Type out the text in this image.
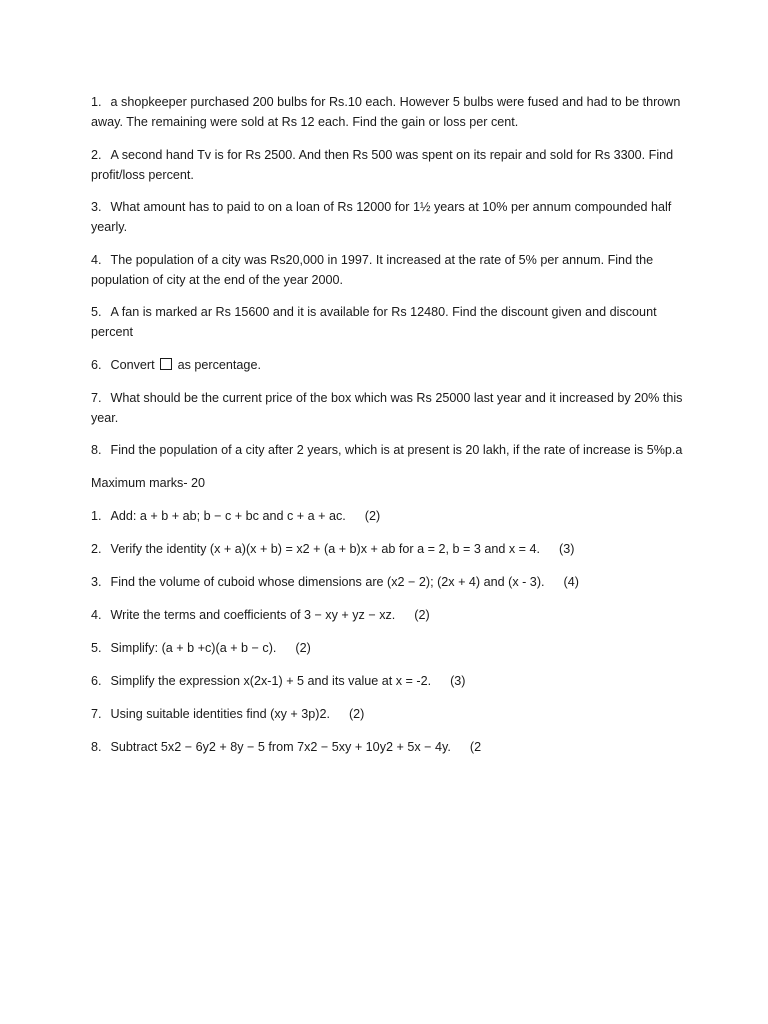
1. a shopkeeper purchased 200 bulbs for Rs.10 each. However 5 bulbs were fused and had to be thrown away. The remaining were sold at Rs 12 each. Find the gain or loss per cent.

2. A second hand Tv is for Rs 2500. And then Rs 500 was spent on its repair and sold for Rs 3300. Find profit/loss percent.

3. What amount has to paid to on a loan of Rs 12000 for 1½ years at 10% per annum compounded half yearly.

4. The population of a city was Rs20,000 in 1997. It increased at the rate of 5% per annum. Find the population of city at the end of the year 2000.

5. A fan is marked ar Rs 15600 and it is available for Rs 12480. Find the discount given and discount percent

6. Convert as percentage.

7. What should be the current price of the box which was Rs 25000 last year and it increased by 20% this year.

8. Find the population of a city after 2 years, which is at present is 20 lakh, if the rate of increase is 5%p.a

Maximum marks- 20

1. Add: a + b + ab; b − c + bc and c + a + ac. (2)

2. Verify the identity (x + a)(x + b) = x2 + (a + b)x + ab for a = 2, b = 3 and x = 4. (3)

3. Find the volume of cuboid whose dimensions are (x2 − 2); (2x + 4) and (x - 3). (4)

4. Write the terms and coefficients of 3 − xy + yz − xz. (2)

5. Simplify: (a + b +c)(a + b − c). (2)

6. Simplify the expression x(2x-1) + 5 and its value at x = -2. (3)

7. Using suitable identities find (xy + 3p)2. (2)

8. Subtract 5x2 − 6y2 + 8y − 5 from 7x2 − 5xy + 10y2 + 5x − 4y. (2
